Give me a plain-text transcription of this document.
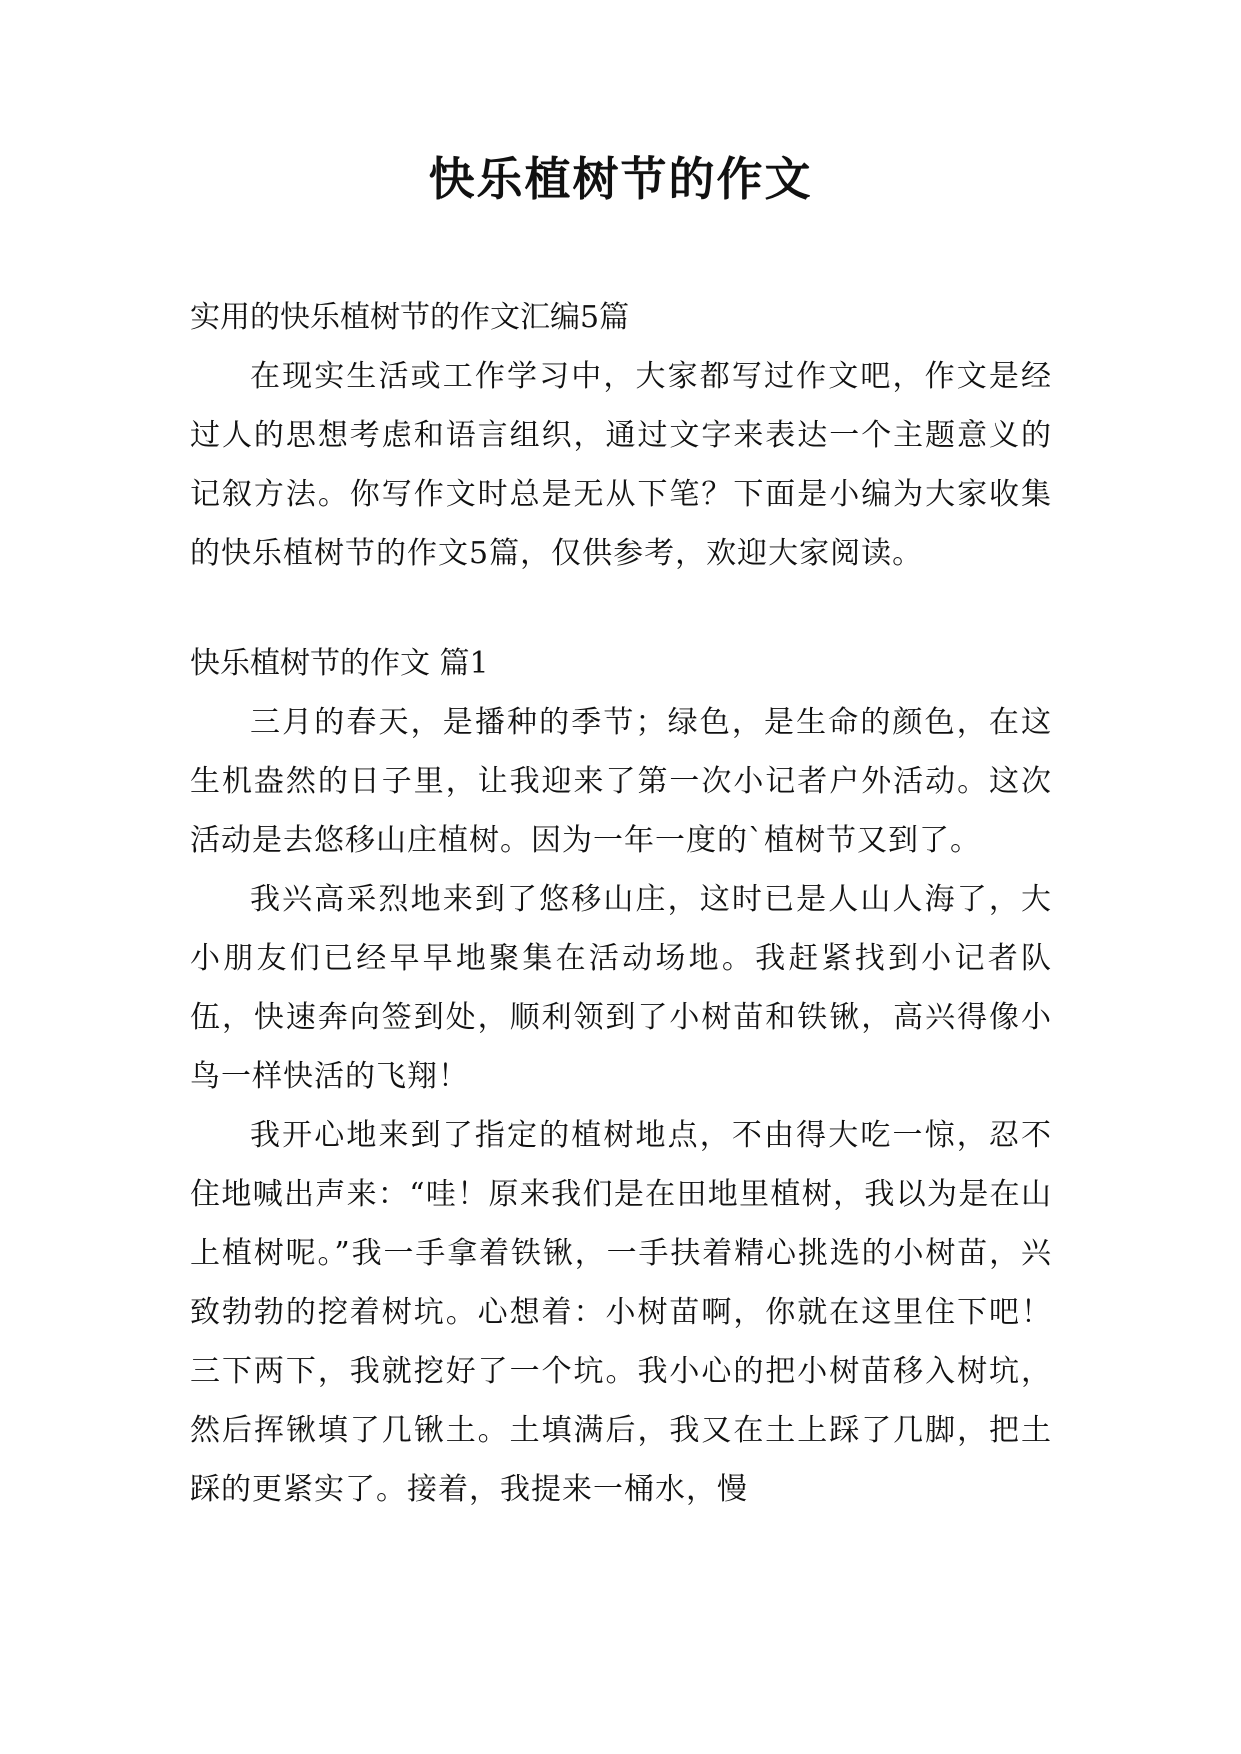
快乐植树节的作文

实用的快乐植树节的作文汇编5篇

在现实生活或工作学习中，大家都写过作文吧，作文是经过人的思想考虑和语言组织，通过文字来表达一个主题意义的记叙方法。你写作文时总是无从下笔？下面是小编为大家收集的快乐植树节的作文5篇，仅供参考，欢迎大家阅读。

快乐植树节的作文 篇1

三月的春天，是播种的季节；绿色，是生命的颜色，在这生机盎然的日子里，让我迎来了第一次小记者户外活动。这次活动是去悠移山庄植树。因为一年一度的`植树节又到了。

我兴高采烈地来到了悠移山庄，这时已是人山人海了，大小朋友们已经早早地聚集在活动场地。我赶紧找到小记者队伍，快速奔向签到处，顺利领到了小树苗和铁锹，高兴得像小鸟一样快活的飞翔！

我开心地来到了指定的植树地点，不由得大吃一惊，忍不住地喊出声来：“哇！原来我们是在田地里植树，我以为是在山上植树呢。”我一手拿着铁锹，一手扶着精心挑选的小树苗，兴致勃勃的挖着树坑。心想着：小树苗啊，你就在这里住下吧！三下两下，我就挖好了一个坑。我小心的把小树苗移入树坑，然后挥锹填了几锹土。土填满后，我又在土上踩了几脚，把土踩的更紧实了。接着，我提来一桶水，慢
